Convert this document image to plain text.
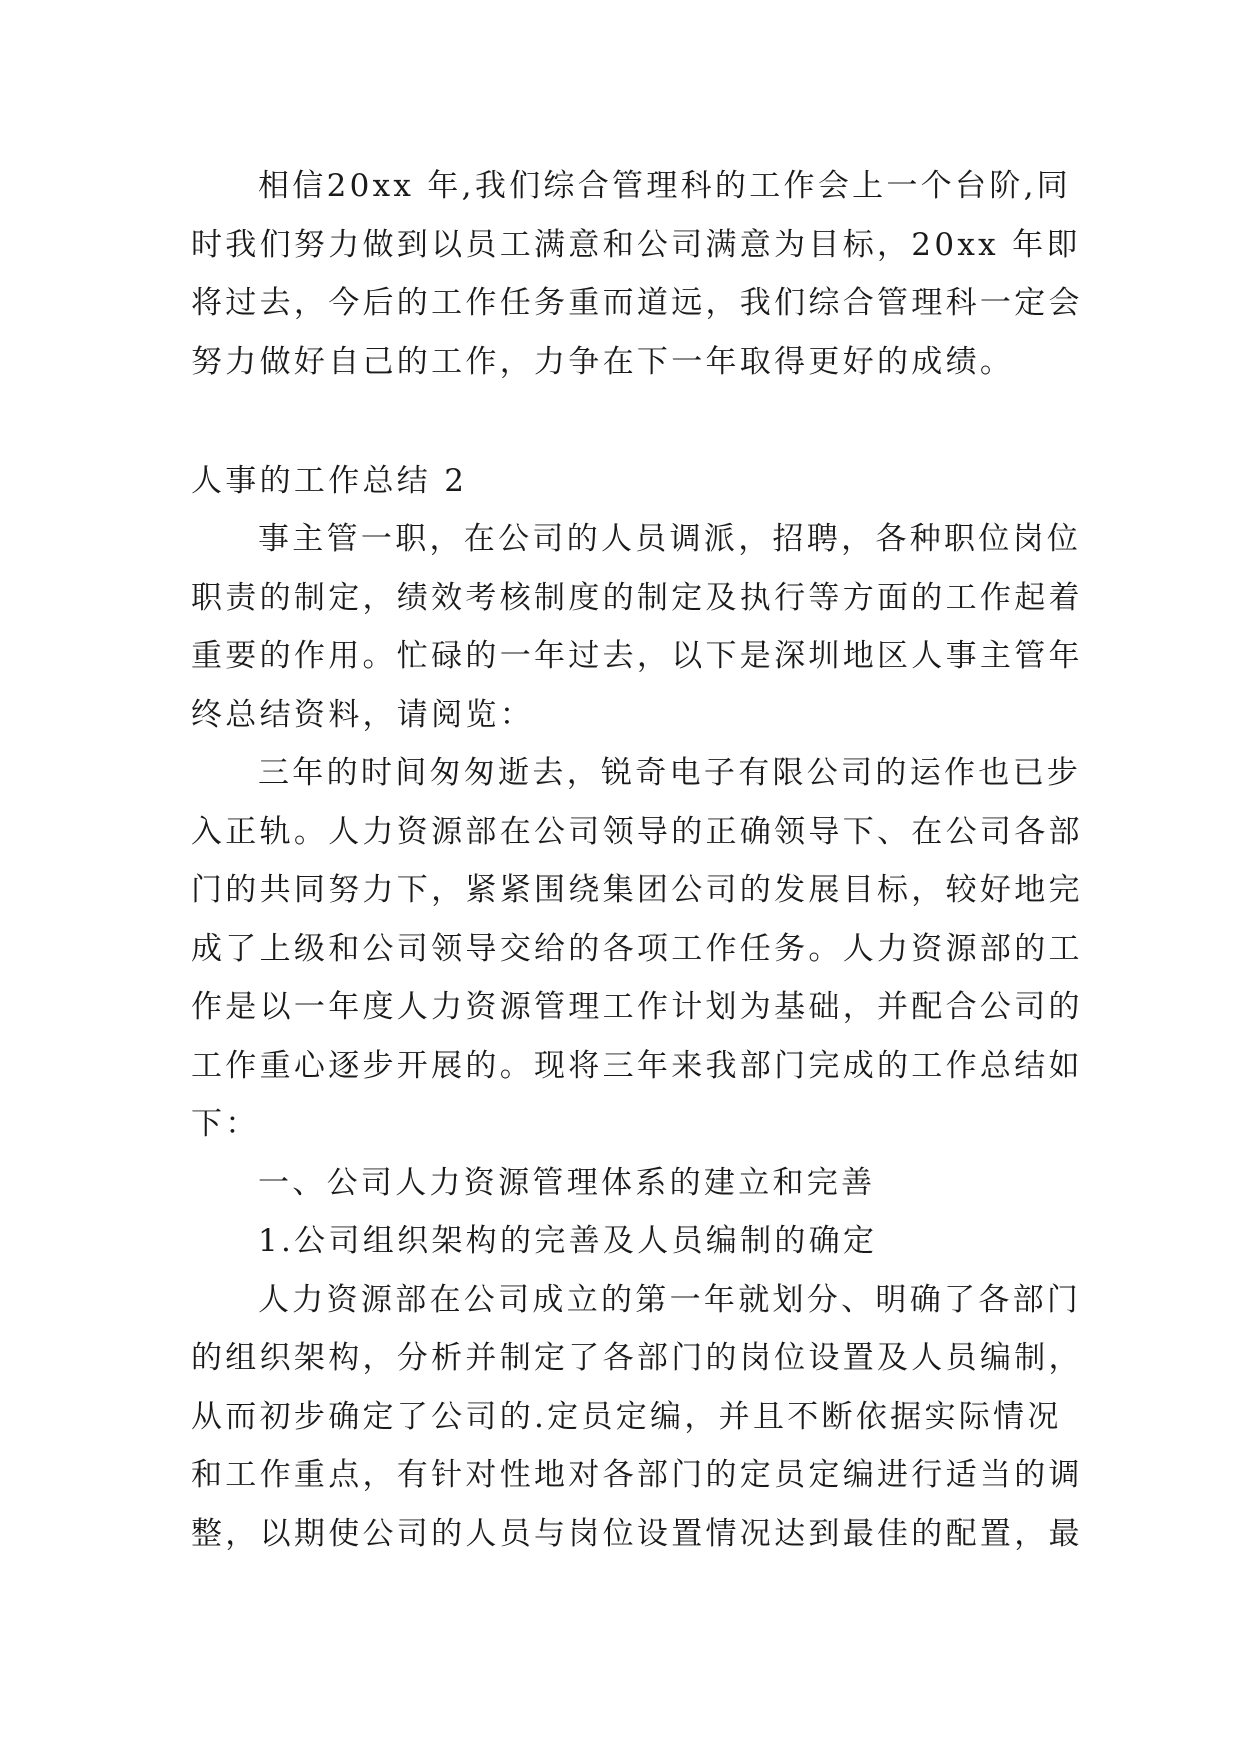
相信20xx 年,我们综合管理科的工作会上一个台阶,同
时我们努力做到以员工满意和公司满意为目标，20xx 年即
将过去，今后的工作任务重而道远，我们综合管理科一定会
努力做好自己的工作，力争在下一年取得更好的成绩。
人事的工作总结 2
事主管一职，在公司的人员调派，招聘，各种职位岗位
职责的制定，绩效考核制度的制定及执行等方面的工作起着
重要的作用。忙碌的一年过去，以下是深圳地区人事主管年
终总结资料，请阅览：
三年的时间匆匆逝去，锐奇电子有限公司的运作也已步
入正轨。人力资源部在公司领导的正确领导下、在公司各部
门的共同努力下，紧紧围绕集团公司的发展目标，较好地完
成了上级和公司领导交给的各项工作任务。人力资源部的工
作是以一年度人力资源管理工作计划为基础，并配合公司的
工作重心逐步开展的。现将三年来我部门完成的工作总结如
下：
一、公司人力资源管理体系的建立和完善
1.公司组织架构的完善及人员编制的确定
人力资源部在公司成立的第一年就划分、明确了各部门
的组织架构，分析并制定了各部门的岗位设置及人员编制，
从而初步确定了公司的.定员定编，并且不断依据实际情况
和工作重点，有针对性地对各部门的定员定编进行适当的调
整，以期使公司的人员与岗位设置情况达到最佳的配置，最
